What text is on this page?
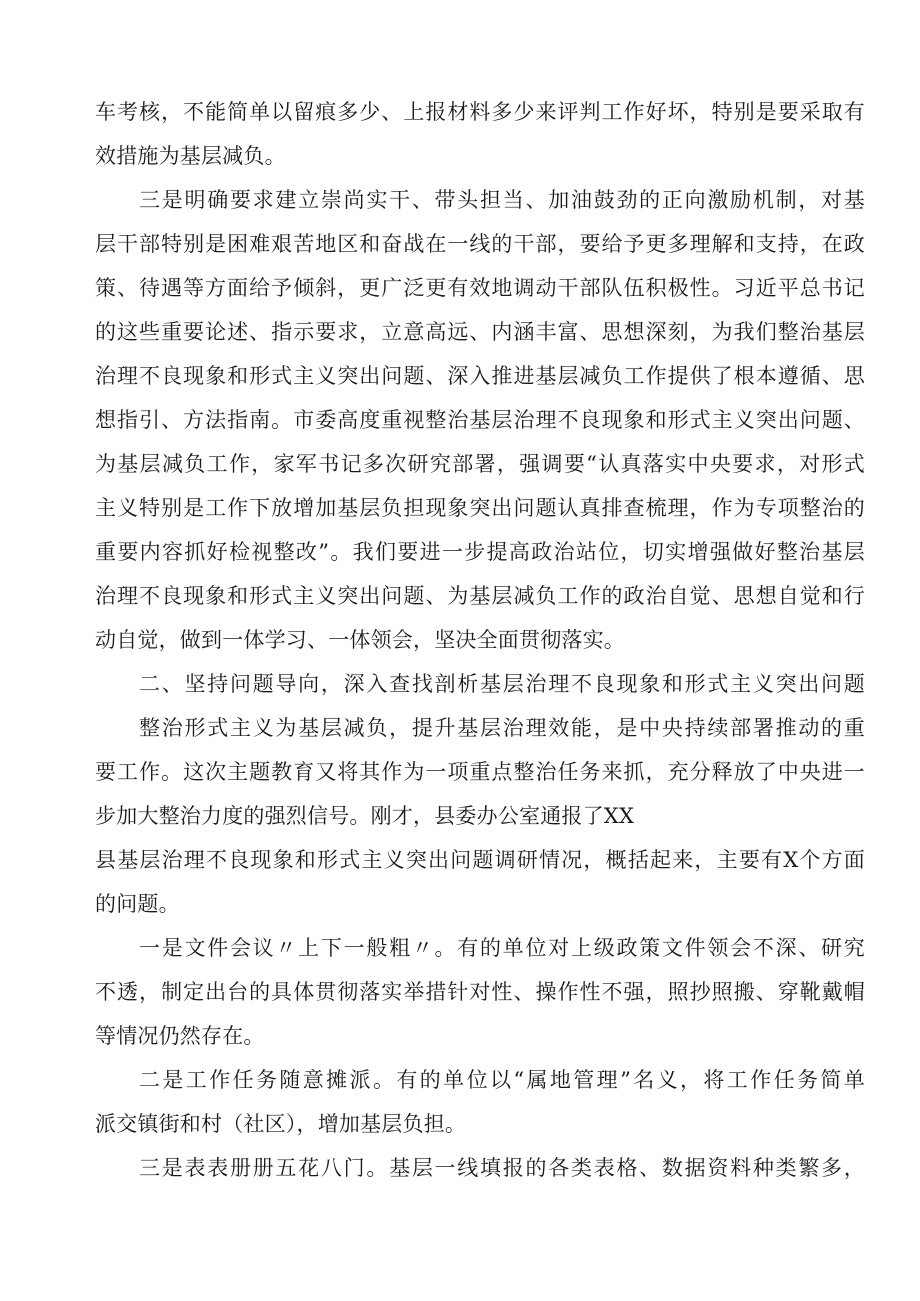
车考核，不能简单以留痕多少、上报材料多少来评判工作好坏，特别是要采取有
效措施为基层减负。
三是明确要求建立崇尚实干、带头担当、加油鼓劲的正向激励机制，对基
层干部特别是困难艰苦地区和奋战在一线的干部，要给予更多理解和支持，在政
策、待遇等方面给予倾斜，更广泛更有效地调动干部队伍积极性。习近平总书记
的这些重要论述、指示要求，立意高远、内涵丰富、思想深刻，为我们整治基层
治理不良现象和形式主义突出问题、深入推进基层减负工作提供了根本遵循、思
想指引、方法指南。市委高度重视整治基层治理不良现象和形式主义突出问题、
为基层减负工作，家军书记多次研究部署，强调要“认真落实中央要求，对形式
主义特别是工作下放增加基层负担现象突出问题认真排查梳理，作为专项整治的
重要内容抓好检视整改”。我们要进一步提高政治站位，切实增强做好整治基层
治理不良现象和形式主义突出问题、为基层减负工作的政治自觉、思想自觉和行
动自觉，做到一体学习、一体领会，坚决全面贯彻落实。
二、坚持问题导向，深入查找剖析基层治理不良现象和形式主义突出问题
整治形式主义为基层减负，提升基层治理效能，是中央持续部署推动的重
要工作。这次主题教育又将其作为一项重点整治任务来抓，充分释放了中央进一
步加大整治力度的强烈信号。刚才，县委办公室通报了XX
县基层治理不良现象和形式主义突出问题调研情况，概括起来，主要有X个方面
的问题。
一是文件会议〃上下一般粗〃。有的单位对上级政策文件领会不深、研究
不透，制定出台的具体贯彻落实举措针对性、操作性不强，照抄照搬、穿靴戴帽
等情况仍然存在。
二是工作任务随意摊派。有的单位以“属地管理”名义，将工作任务简单
派交镇街和村（社区），增加基层负担。
三是表表册册五花八门。基层一线填报的各类表格、数据资料种类繁多，
